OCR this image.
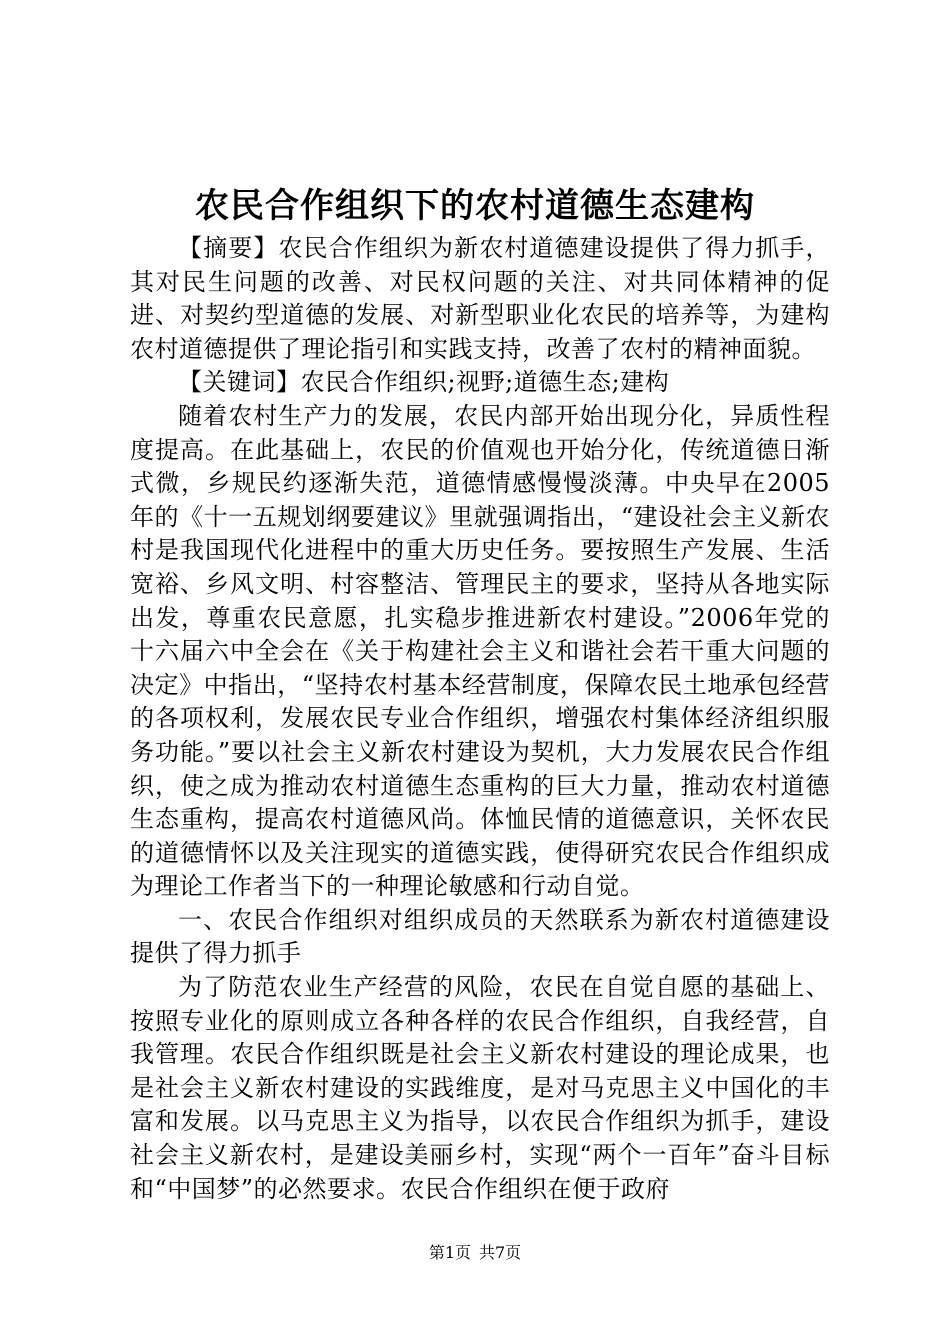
农民合作组织下的农村道德生态建构

【摘要】农民合作组织为新农村道德建设提供了得力抓手，其对民生问题的改善、对民权问题的关注、对共同体精神的促进、对契约型道德的发展、对新型职业化农民的培养等，为建构农村道德提供了理论指引和实践支持，改善了农村的精神面貌。

【关键词】农民合作组织;视野;道德生态;建构

随着农村生产力的发展，农民内部开始出现分化，异质性程度提高。在此基础上，农民的价值观也开始分化，传统道德日渐式微，乡规民约逐渐失范，道德情感慢慢淡薄。中央早在2005年的《十一五规划纲要建议》里就强调指出，“建设社会主义新农村是我国现代化进程中的重大历史任务。要按照生产发展、生活宽裕、乡风文明、村容整洁、管理民主的要求，坚持从各地实际出发，尊重农民意愿，扎实稳步推进新农村建设。”2006年党的十六届六中全会在《关于构建社会主义和谐社会若干重大问题的决定》中指出，“坚持农村基本经营制度，保障农民土地承包经营的各项权利，发展农民专业合作组织，增强农村集体经济组织服务功能。”要以社会主义新农村建设为契机，大力发展农民合作组织，使之成为推动农村道德生态重构的巨大力量，推动农村道德生态重构，提高农村道德风尚。体恤民情的道德意识，关怀农民的道德情怀以及关注现实的道德实践，使得研究农民合作组织成为理论工作者当下的一种理论敏感和行动自觉。

一、农民合作组织对组织成员的天然联系为新农村道德建设提供了得力抓手

为了防范农业生产经营的风险，农民在自觉自愿的基础上、按照专业化的原则成立各种各样的农民合作组织，自我经营，自我管理。农民合作组织既是社会主义新农村建设的理论成果，也是社会主义新农村建设的实践维度，是对马克思主义中国化的丰富和发展。以马克思主义为指导，以农民合作组织为抓手，建设社会主义新农村，是建设美丽乡村，实现“两个一百年”奋斗目标和“中国梦”的必然要求。农民合作组织在便于政府

第1页 共7页
